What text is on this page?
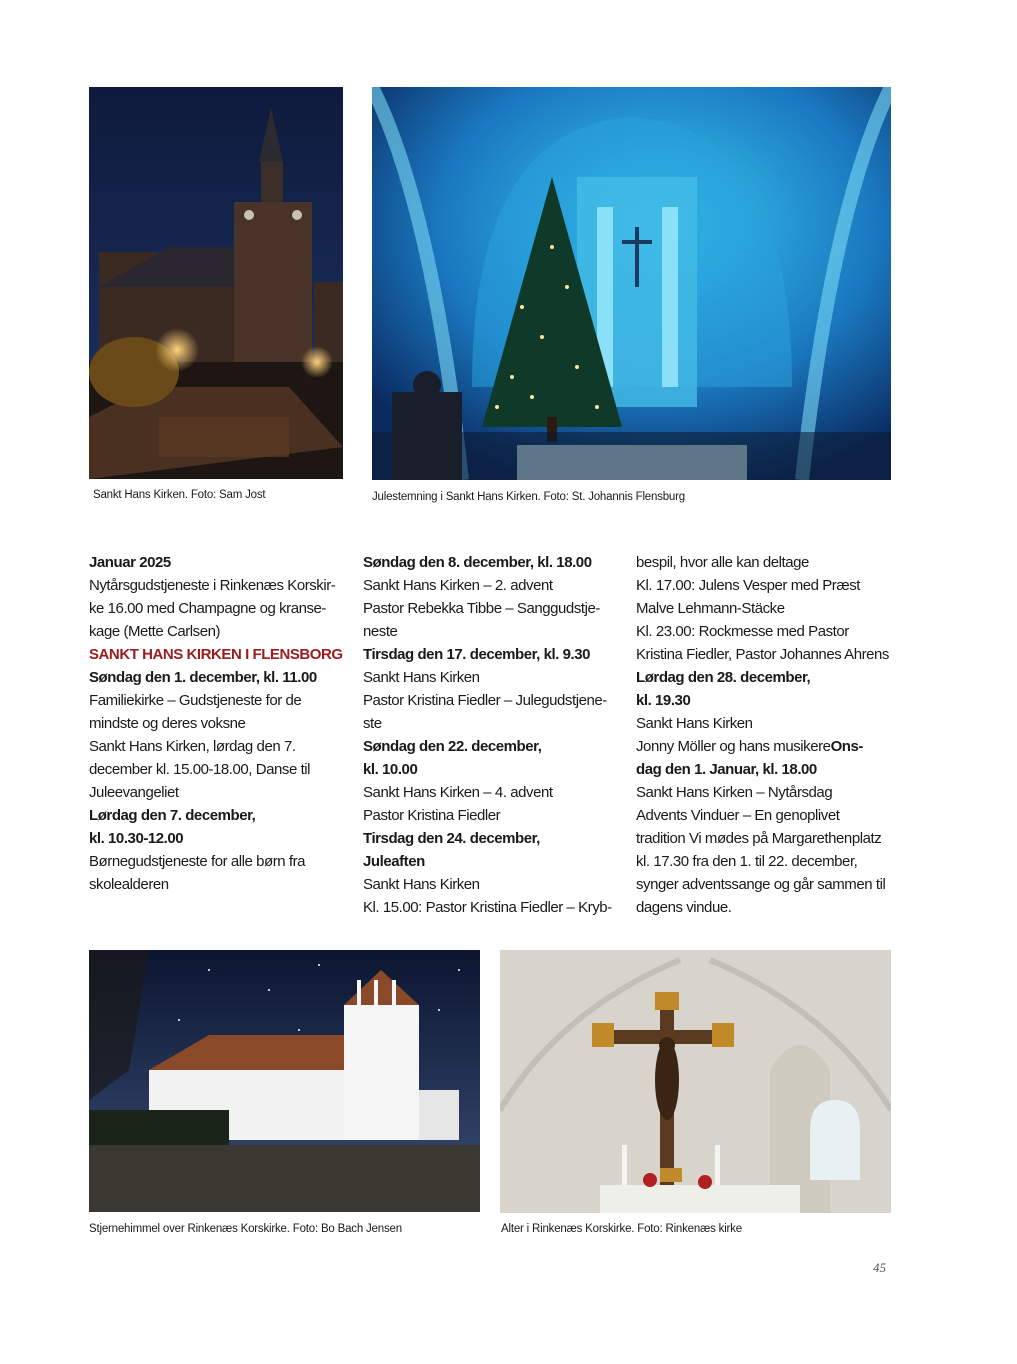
Sankt Hans Kirken. Foto: Sam Jost	Julestemning i Sankt Hans Kirken. Foto: St. Johannis Flensburg
Januar 2025
Nytårsgudstjeneste i Rinkenæs Korskir-
ke 16.00 med Champagne og kranse-
kage (Mette Carlsen)
SANKT HANS KIRKEN I FLENSBORG
Søndag den 1. december, kl. 11.00
Familiekirke – Gudstjeneste for de
mindste og deres voksne
Sankt Hans Kirken, lørdag den 7.
december kl. 15.00-18.00, Danse til
Juleevangeliet
Lørdag den 7. december,
kl. 10.30-12.00
Børnegudstjeneste for alle børn fra
skolealderen
Søndag den 8. december, kl. 18.00
Sankt Hans Kirken – 2. advent
Pastor Rebekka Tibbe – Sanggudstje-
neste
Tirsdag den 17. december, kl. 9.30
Sankt Hans Kirken
Pastor Kristina Fiedler – Julegudstjene-
ste
Søndag den 22. december,
kl. 10.00
Sankt Hans Kirken – 4. advent
Pastor Kristina Fiedler
Tirsdag den 24. december,
Juleaften
Sankt Hans Kirken
Kl. 15.00: Pastor Kristina Fiedler – Kryb-
bespil, hvor alle kan deltage
Kl. 17.00: Julens Vesper med Præst
Malve Lehmann-Stäcke
Kl. 23.00: Rockmesse med Pastor
Kristina Fiedler, Pastor Johannes Ahrens
Lørdag den 28. december,
kl. 19.30
Sankt Hans Kirken
Jonny Möller og hans musikereOns-
dag den 1. Januar, kl. 18.00
Sankt Hans Kirken – Nytårsdag
Advents Vinduer – En genoplivet
tradition Vi mødes på Margarethenplatz
kl. 17.30 fra den 1. til 22. december,
synger adventssange og går sammen til
dagens vindue.
Stjernehimmel over Rinkenæs Korskirke. Foto: Bo Bach Jensen	Alter i Rinkenæs Korskirke. Foto: Rinkenæs kirke
45
